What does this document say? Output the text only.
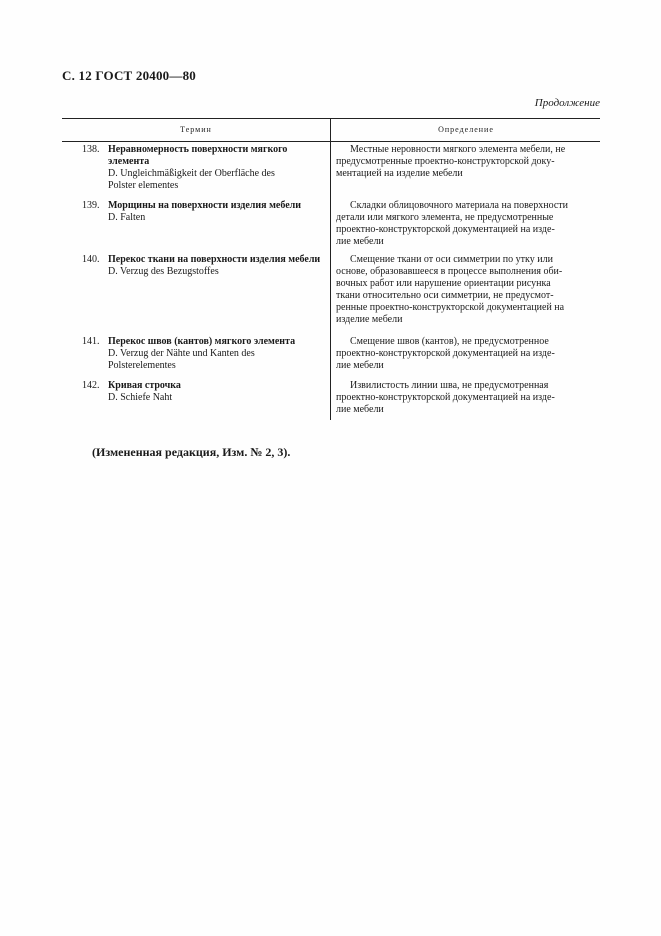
С. 12 ГОСТ 20400—80
Продолжение
Термин	Определение
138. Неравномерность поверхности мягкого
элемента
D. Ungleichmäßigkeit der Oberfläche des
Polster elementes
Местные неровности мягкого элемента мебели, не
предусмотренные проектно-конструкторской доку-
ментацией на изделие мебели
139. Морщины на поверхности изделия мебели
D. Falten
Складки облицовочного материала на поверхности
детали или мягкого элемента, не предусмотренные
проектно-конструкторской документацией на изде-
лие мебели
140. Перекос ткани на поверхности изделия мебели
D. Verzug des Bezugstoffes
Смещение ткани от оси симметрии по утку или
основе, образовавшееся в процессе выполнения оби-
вочных работ или нарушение ориентации рисунка
ткани относительно оси симметрии, не предусмот-
ренные проектно-конструкторской документацией на
изделие мебели
141. Перекос швов (кантов) мягкого элемента
D. Verzug der Nähte und Kanten des
Polsterelementes
Смещение швов (кантов), не предусмотренное
проектно-конструкторской документацией на изде-
лие мебели
142. Кривая строчка
D. Schiefe Naht
Извилистость линии шва, не предусмотренная
проектно-конструкторской документацией на изде-
лие мебели
(Измененная редакция, Изм. № 2, 3).
